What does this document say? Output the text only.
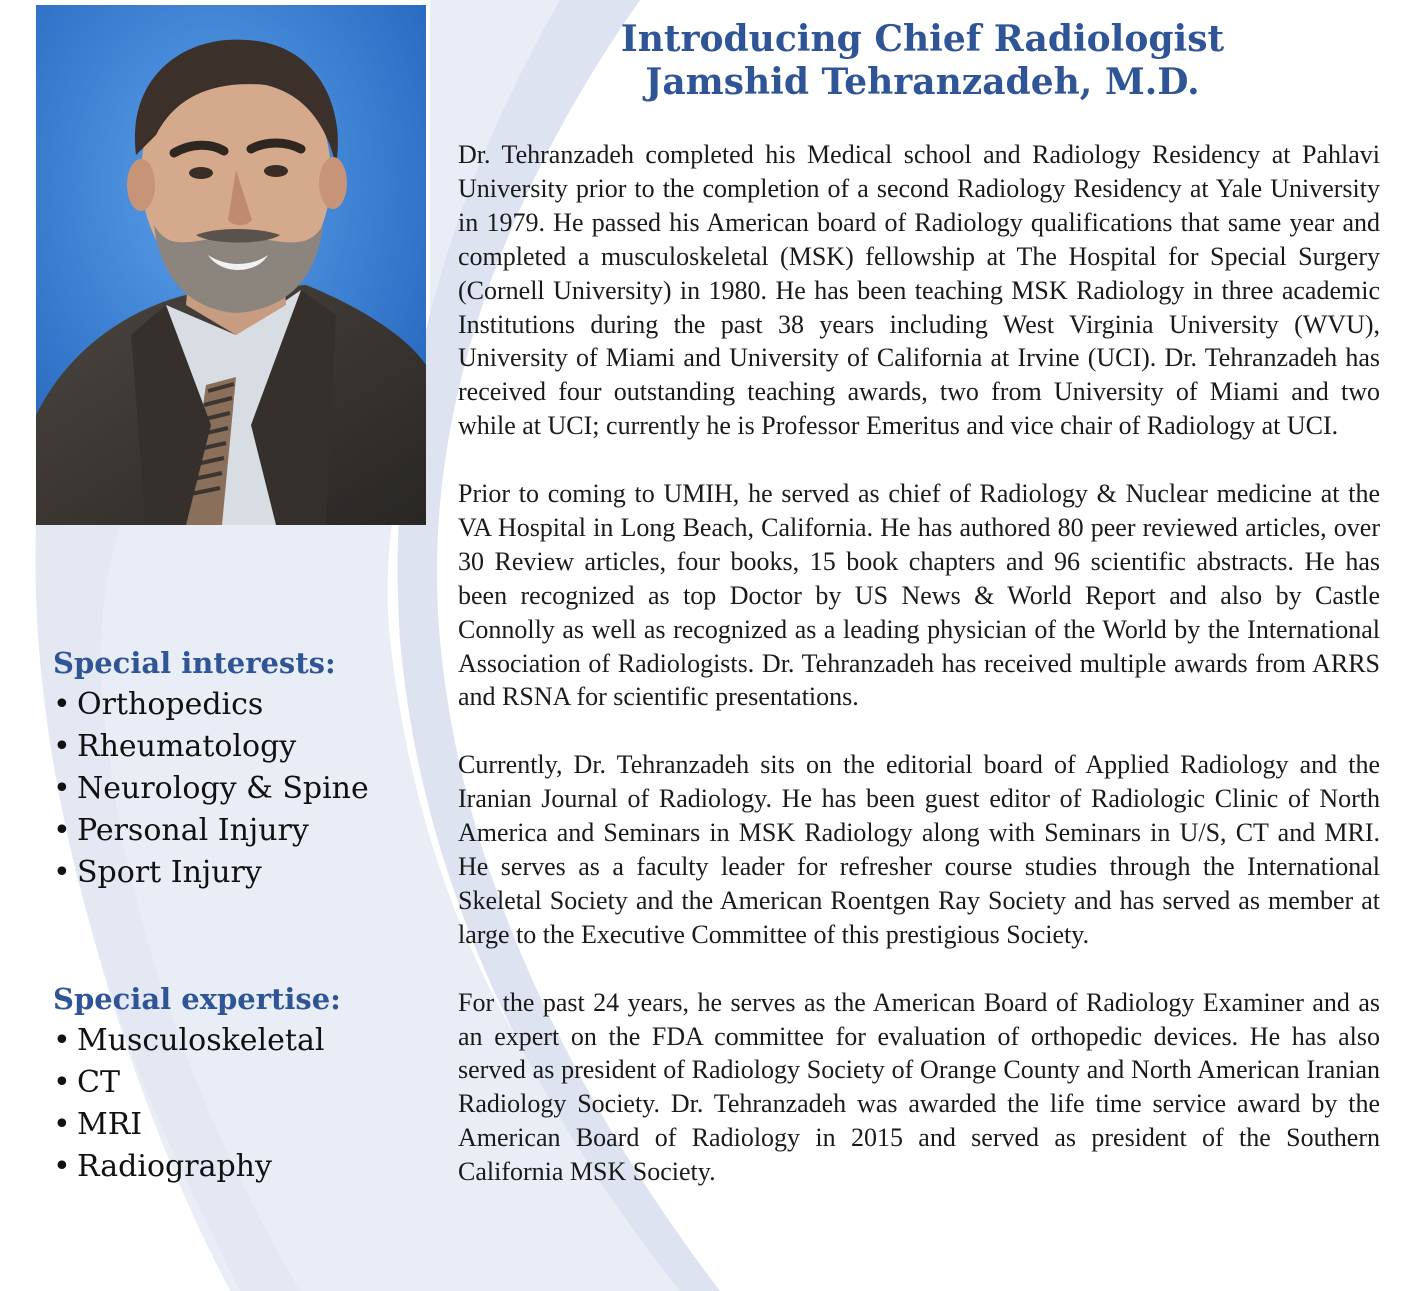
Introducing Chief Radiologist
Jamshid Tehranzadeh, M.D.

Dr. Tehranzadeh completed his Medical school and Radiology Residency at Pahlavi University prior to the completion of a second Radiology Residency at Yale University in 1979. He passed his American board of Radiology qualifications that same year and completed a musculoskeletal (MSK) fellowship at The Hospital for Special Surgery (Cornell University) in 1980. He has been teaching MSK Radiology in three academic Institutions during the past 38 years including West Virginia University (WVU), University of Miami and University of California at Irvine (UCI). Dr. Tehranzadeh has received four outstanding teaching awards, two from University of Miami and two while at UCI; currently he is Professor Emeritus and vice chair of Radiology at UCI.

Prior to coming to UMIH, he served as chief of Radiology & Nuclear medicine at the VA Hospital in Long Beach, California. He has authored 80 peer reviewed articles, over 30 Review articles, four books, 15 book chapters and 96 scientific abstracts. He has been recognized as top Doctor by US News & World Report and also by Castle Connolly as well as recognized as a leading physician of the World by the International Association of Radiologists. Dr. Tehranzadeh has received multiple awards from ARRS and RSNA for scientific presentations.

Currently, Dr. Tehranzadeh sits on the editorial board of Applied Radiology and the Iranian Journal of Radiology. He has been guest editor of Radiologic Clinic of North America and Seminars in MSK Radiology along with Seminars in U/S, CT and MRI. He serves as a faculty leader for refresher course studies through the International Skeletal Society and the American Roentgen Ray Society and has served as member at large to the Executive Committee of this prestigious Society.

For the past 24 years, he serves as the American Board of Radiology Examiner and as an expert on the FDA committee for evaluation of orthopedic devices. He has also served as president of Radiology Society of Orange County and North American Iranian Radiology Society. Dr. Tehranzadeh was awarded the life time service award by the American Board of Radiology in 2015 and served as president of the Southern California MSK Society.

Special interests:
• Orthopedics
• Rheumatology
• Neurology & Spine
• Personal Injury
• Sport Injury
Special expertise:
• Musculoskeletal
• CT
• MRI
• Radiography
